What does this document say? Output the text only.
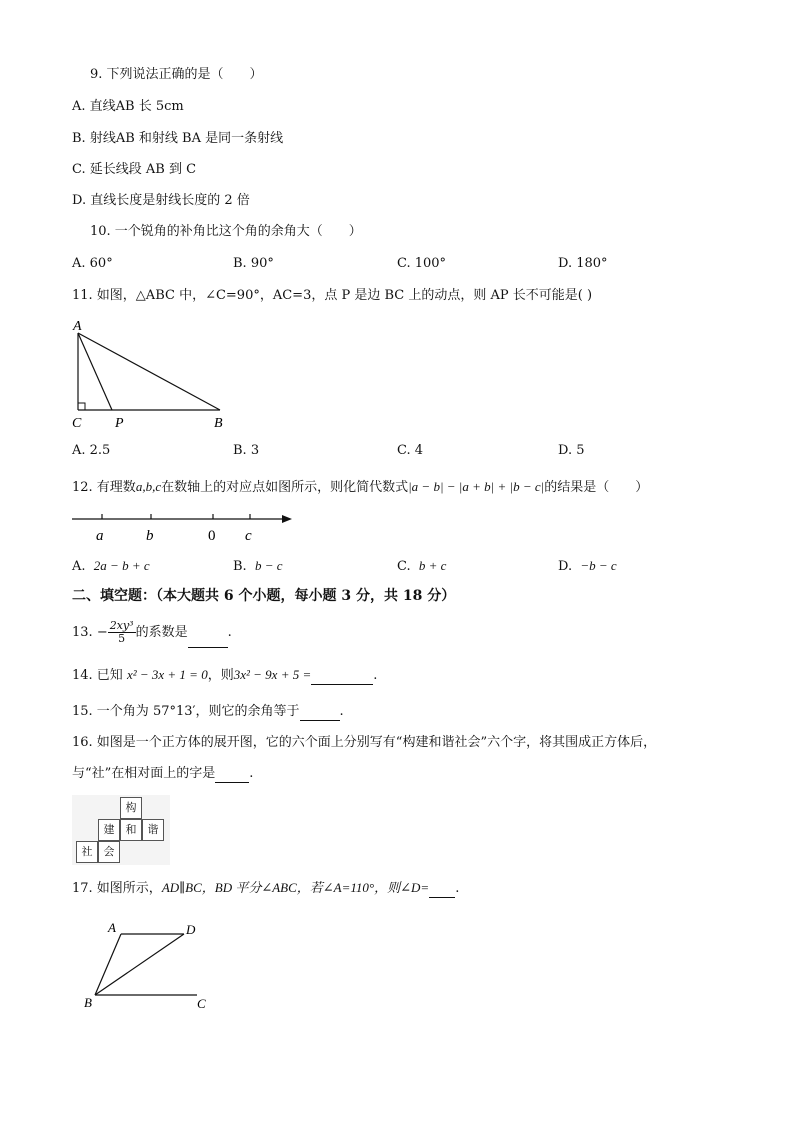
9. 下列说法正确的是（　　）
A. 直线AB 长 5cm
B. 射线AB 和射线 BA 是同一条射线
C. 延长线段 AB 到 C
D. 直线长度是射线长度的 2 倍
10. 一个锐角的补角比这个角的余角大（　　）
A. 60°	B. 90°	C. 100°	D. 180°
11. 如图，△ABC 中，∠C=90°，AC=3，点 P 是边 BC 上的动点，则 AP 长不可能是( )
A
C P	B
A. 2.5	B. 3	C. 4	D. 5
12. 有理数a,b,c在数轴上的对应点如图所示，则化简代数式|a − b| − |a + b| + |b − c|的结果是（　　）
a	b	0 c
A. 2a − b + c	B. b − c	C. b + c	D. −b − c
二、填空题：（本大题共 6 个小题，每小题 3 分，共 18 分）
13. − $\frac{\text{2xy³}}{5}$ 的系数是	.
14. 已知 x² − 3x + 1 = 0，则3x² − 9x + 5 =	.
15. 一个角为 57°13′，则它的余角等于	.
16. 如图是一个正方体的展开图，它的六个面上分别写有“构建和谐社会”六个字，将其围成正方体后，
与“社”在相对面上的字是	.
构
建	和	谐
社	会
17. 如图所示，AD∥BC，BD 平分∠ABC，若∠A=110°，则∠D= .
A	D
B	C
